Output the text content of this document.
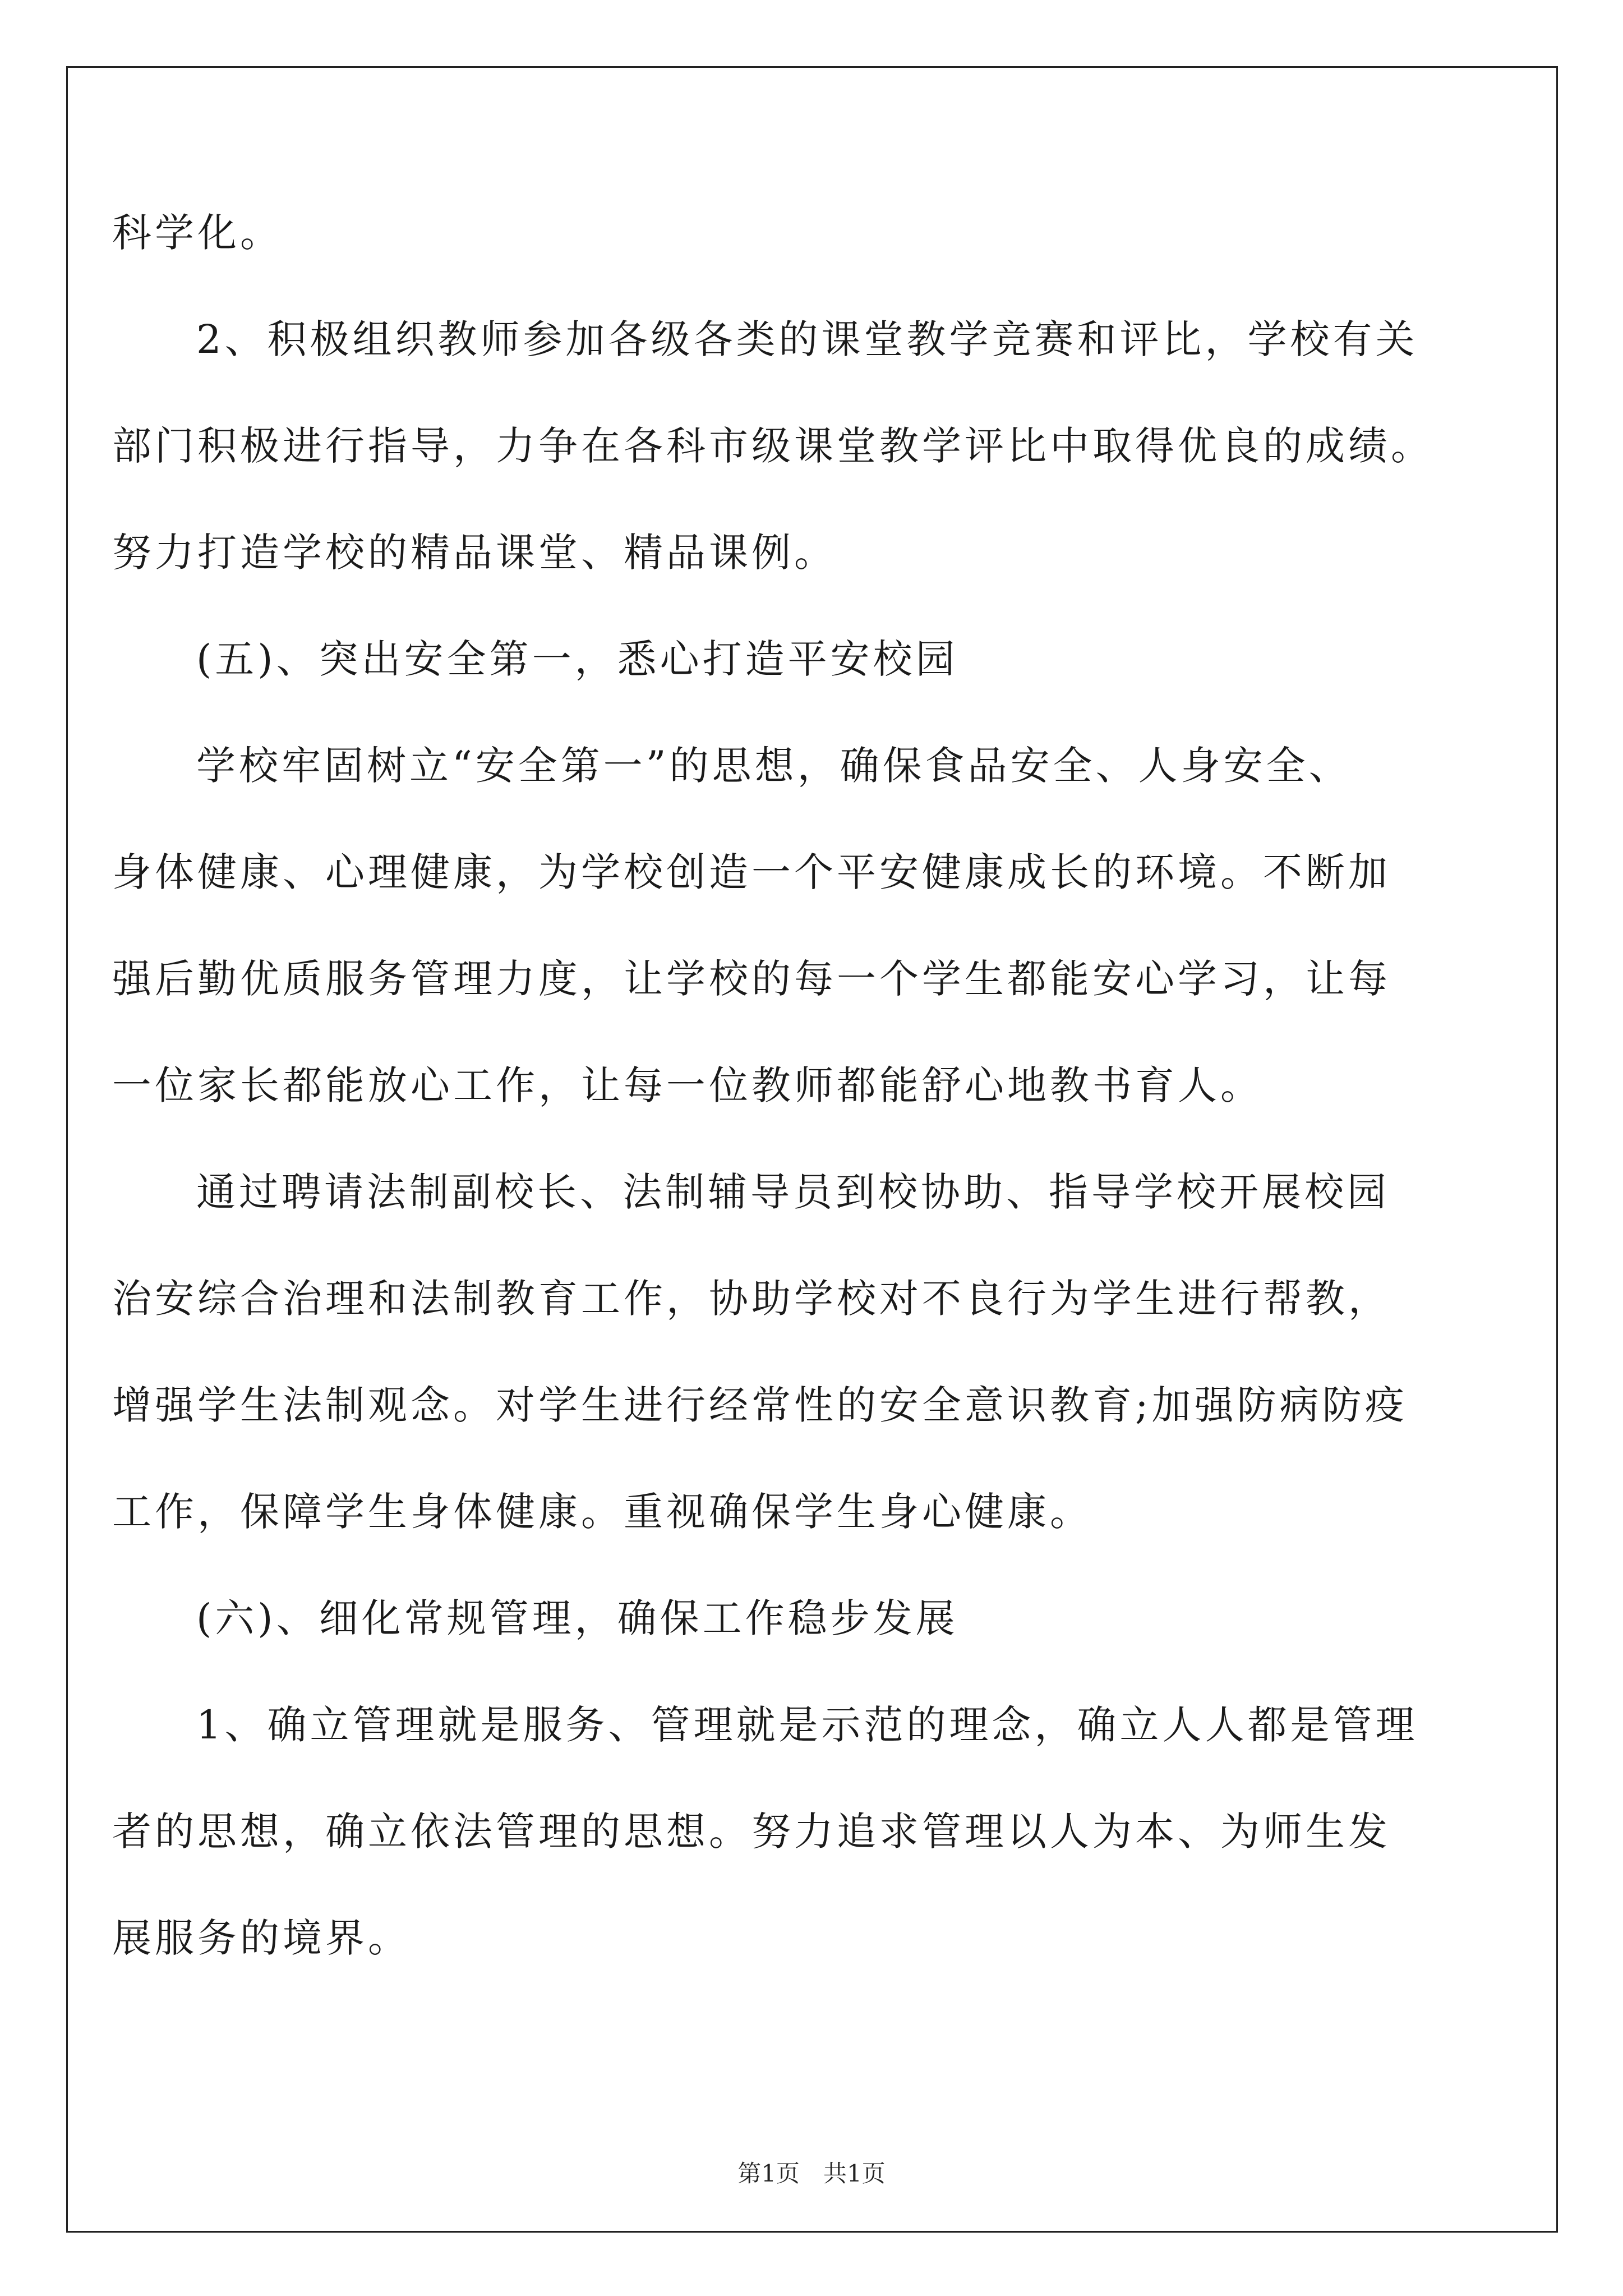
科学化。
2、积极组织教师参加各级各类的课堂教学竞赛和评比，学校有关
部门积极进行指导，力争在各科市级课堂教学评比中取得优良的成绩。
努力打造学校的精品课堂、精品课例。
(五)、突出安全第一，悉心打造平安校园
学校牢固树立“安全第一”的思想，确保食品安全、人身安全、
身体健康、心理健康，为学校创造一个平安健康成长的环境。不断加
强后勤优质服务管理力度，让学校的每一个学生都能安心学习，让每
一位家长都能放心工作，让每一位教师都能舒心地教书育人。
通过聘请法制副校长、法制辅导员到校协助、指导学校开展校园
治安综合治理和法制教育工作，协助学校对不良行为学生进行帮教，
增强学生法制观念。对学生进行经常性的安全意识教育;加强防病防疫
工作，保障学生身体健康。重视确保学生身心健康。
(六)、细化常规管理，确保工作稳步发展
1、确立管理就是服务、管理就是示范的理念，确立人人都是管理
者的思想，确立依法管理的思想。努力追求管理以人为本、为师生发
展服务的境界。
第1页　共1页
